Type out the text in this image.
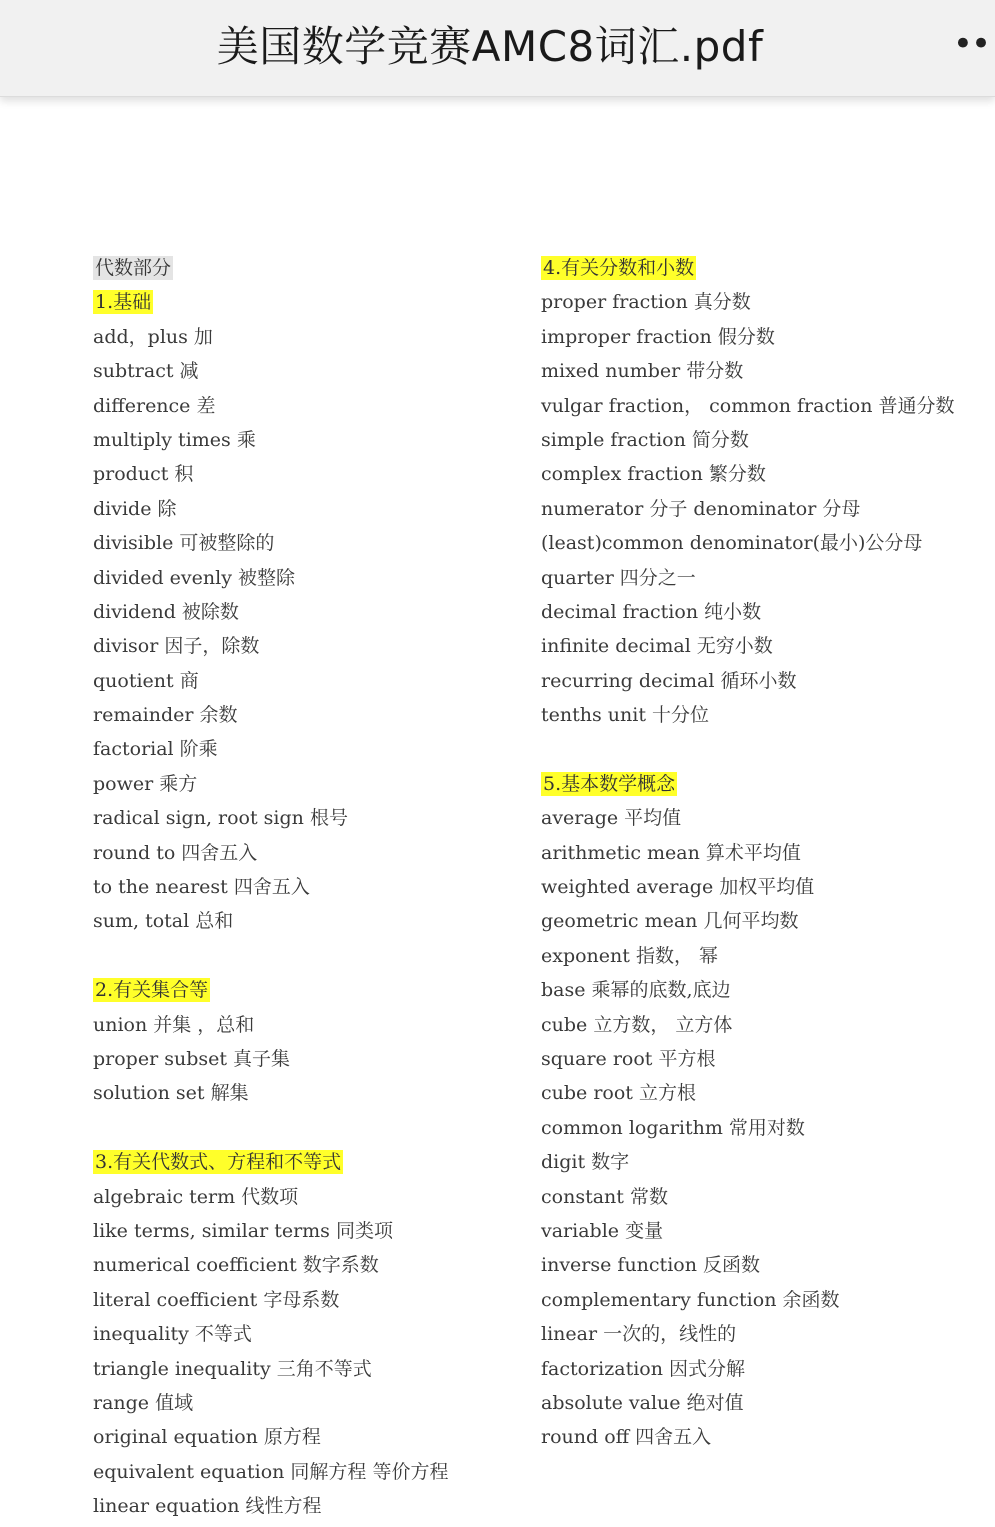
美国数学竞赛AMC8词汇.pdf	••
代数部分
1.基础
add，plus 加
subtract 减
difference 差
multiply times 乘
product 积
divide 除
divisible 可被整除的
divided evenly 被整除
dividend 被除数
divisor 因子，除数
quotient 商
remainder 余数
factorial 阶乘
power 乘方
radical sign, root sign 根号
round to 四舍五入
to the nearest 四舍五入
sum, total 总和
2.有关集合等
union 并集 ，总和
proper subset 真子集
solution set 解集
3.有关代数式、方程和不等式
algebraic term 代数项
like terms, similar terms 同类项
numerical coefficient 数字系数
literal coefficient 字母系数
inequality 不等式
triangle inequality 三角不等式
range 值域
original equation 原方程
equivalent equation 同解方程 等价方程
linear equation 线性方程
4.有关分数和小数
proper fraction 真分数
improper fraction 假分数
mixed number 带分数
vulgar fraction， common fraction 普通分数
simple fraction 简分数
complex fraction 繁分数
numerator 分子 denominator 分母
(least)common denominator(最小)公分母
quarter 四分之一
decimal fraction 纯小数
infinite decimal 无穷小数
recurring decimal 循环小数
tenths unit 十分位
5.基本数学概念
average 平均值
arithmetic mean 算术平均值
weighted average 加权平均值
geometric mean 几何平均数
exponent 指数， 幂
base 乘幂的底数,底边
cube 立方数， 立方体
square root 平方根
cube root 立方根
common logarithm 常用对数
digit 数字
constant 常数
variable 变量
inverse function 反函数
complementary function 余函数
linear 一次的，线性的
factorization 因式分解
absolute value 绝对值
round off 四舍五入
